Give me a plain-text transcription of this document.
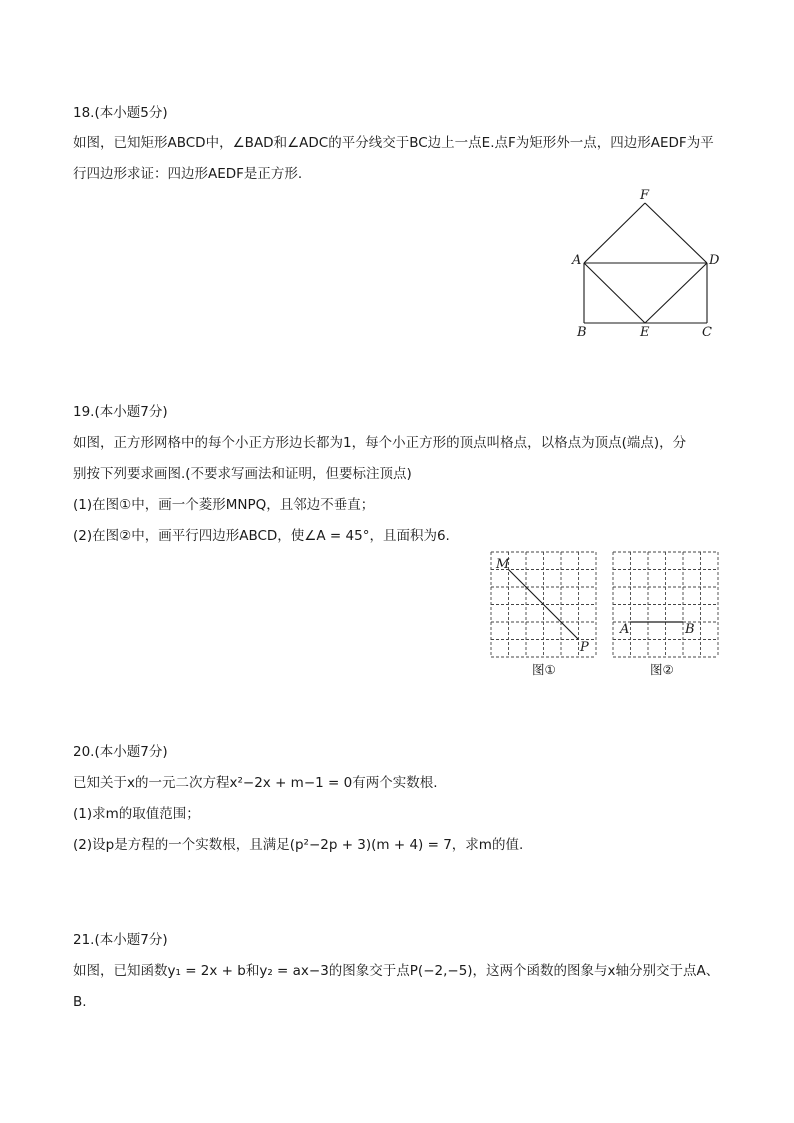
18.(本小题5分)
如图，已知矩形ABCD中，∠BAD和∠ADC的平分线交于BC边上一点E.点F为矩形外一点，四边形AEDF为平
行四边形求证：四边形AEDF是正方形.
F
A	D
B	E	C
19.(本小题7分)
如图，正方形网格中的每个小正方形边长都为1，每个小正方形的顶点叫格点，以格点为顶点(端点)，分
别按下列要求画图.(不要求写画法和证明，但要标注顶点)
(1)在图①中，画一个菱形MNPQ，且邻边不垂直；
(2)在图②中，画平行四边形ABCD，使∠A = 45°，且面积为6.
M
P
图①
A	B
图②
20.(本小题7分)
已知关于x的一元二次方程x²−2x + m−1 = 0有两个实数根.
(1)求m的取值范围；
(2)设p是方程的一个实数根，且满足(p²−2p + 3)(m + 4) = 7，求m的值.
21.(本小题7分)
如图，已知函数y₁ = 2x + b和y₂ = ax−3的图象交于点P(−2,−5)，这两个函数的图象与x轴分别交于点A、
B.
